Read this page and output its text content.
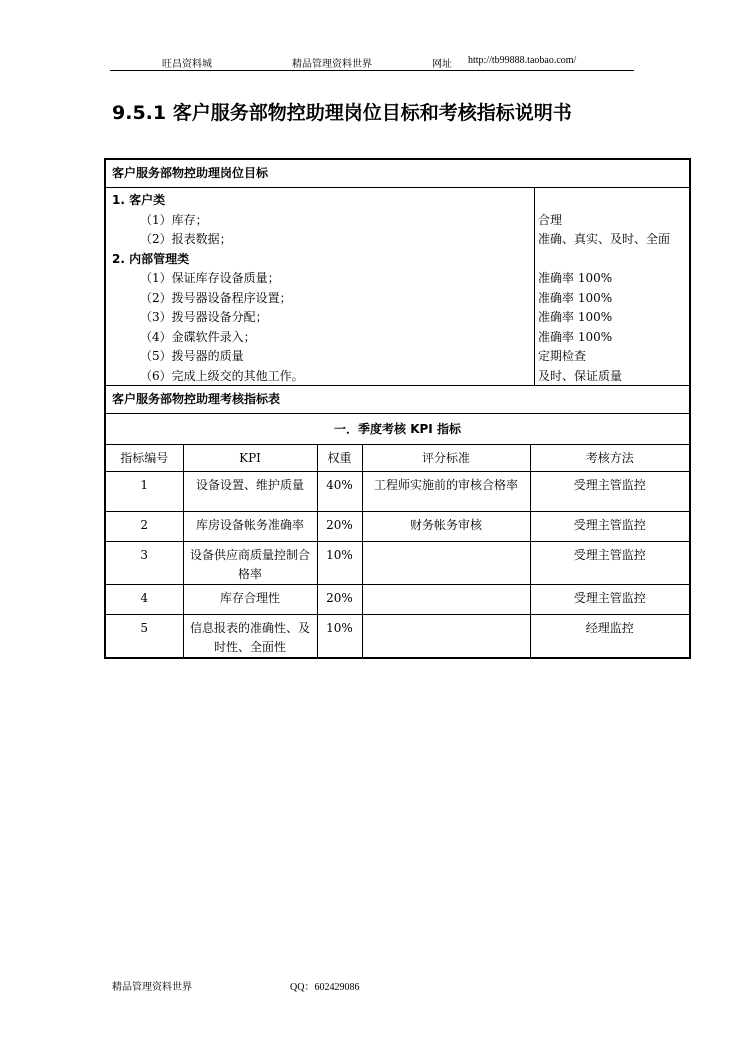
旺昌资料城	精品管理资料世界	网址 http://tb99888.taobao.com/
9.5.1 客户服务部物控助理岗位目标和考核指标说明书
客户服务部物控助理岗位目标
1. 客户类
（1）库存；	合理
（2）报表数据；	准确、真实、及时、全面
2. 内部管理类
（1）保证库存设备质量；	准确率 100%
（2）拨号器设备程序设置；	准确率 100%
（3）拨号器设备分配；	准确率 100%
（4）金碟软件录入；	准确率 100%
（5）拨号器的质量	定期检查
（6）完成上级交的其他工作。	及时、保证质量
客户服务部物控助理考核指标表
一．季度考核 KPI 指标
指标编号	KPI	权重	评分标准	考核方法
1	设备设置、维护质量	40%	工程师实施前的审核合格率	受理主管监控
2	库房设备帐务准确率	20%	财务帐务审核	受理主管监控
3	设备供应商质量控制合格率	10%		受理主管监控
4	库存合理性	20%		受理主管监控
5	信息报表的准确性、及时性、全面性	10%		经理监控
精品管理资料世界	QQ：602429086
